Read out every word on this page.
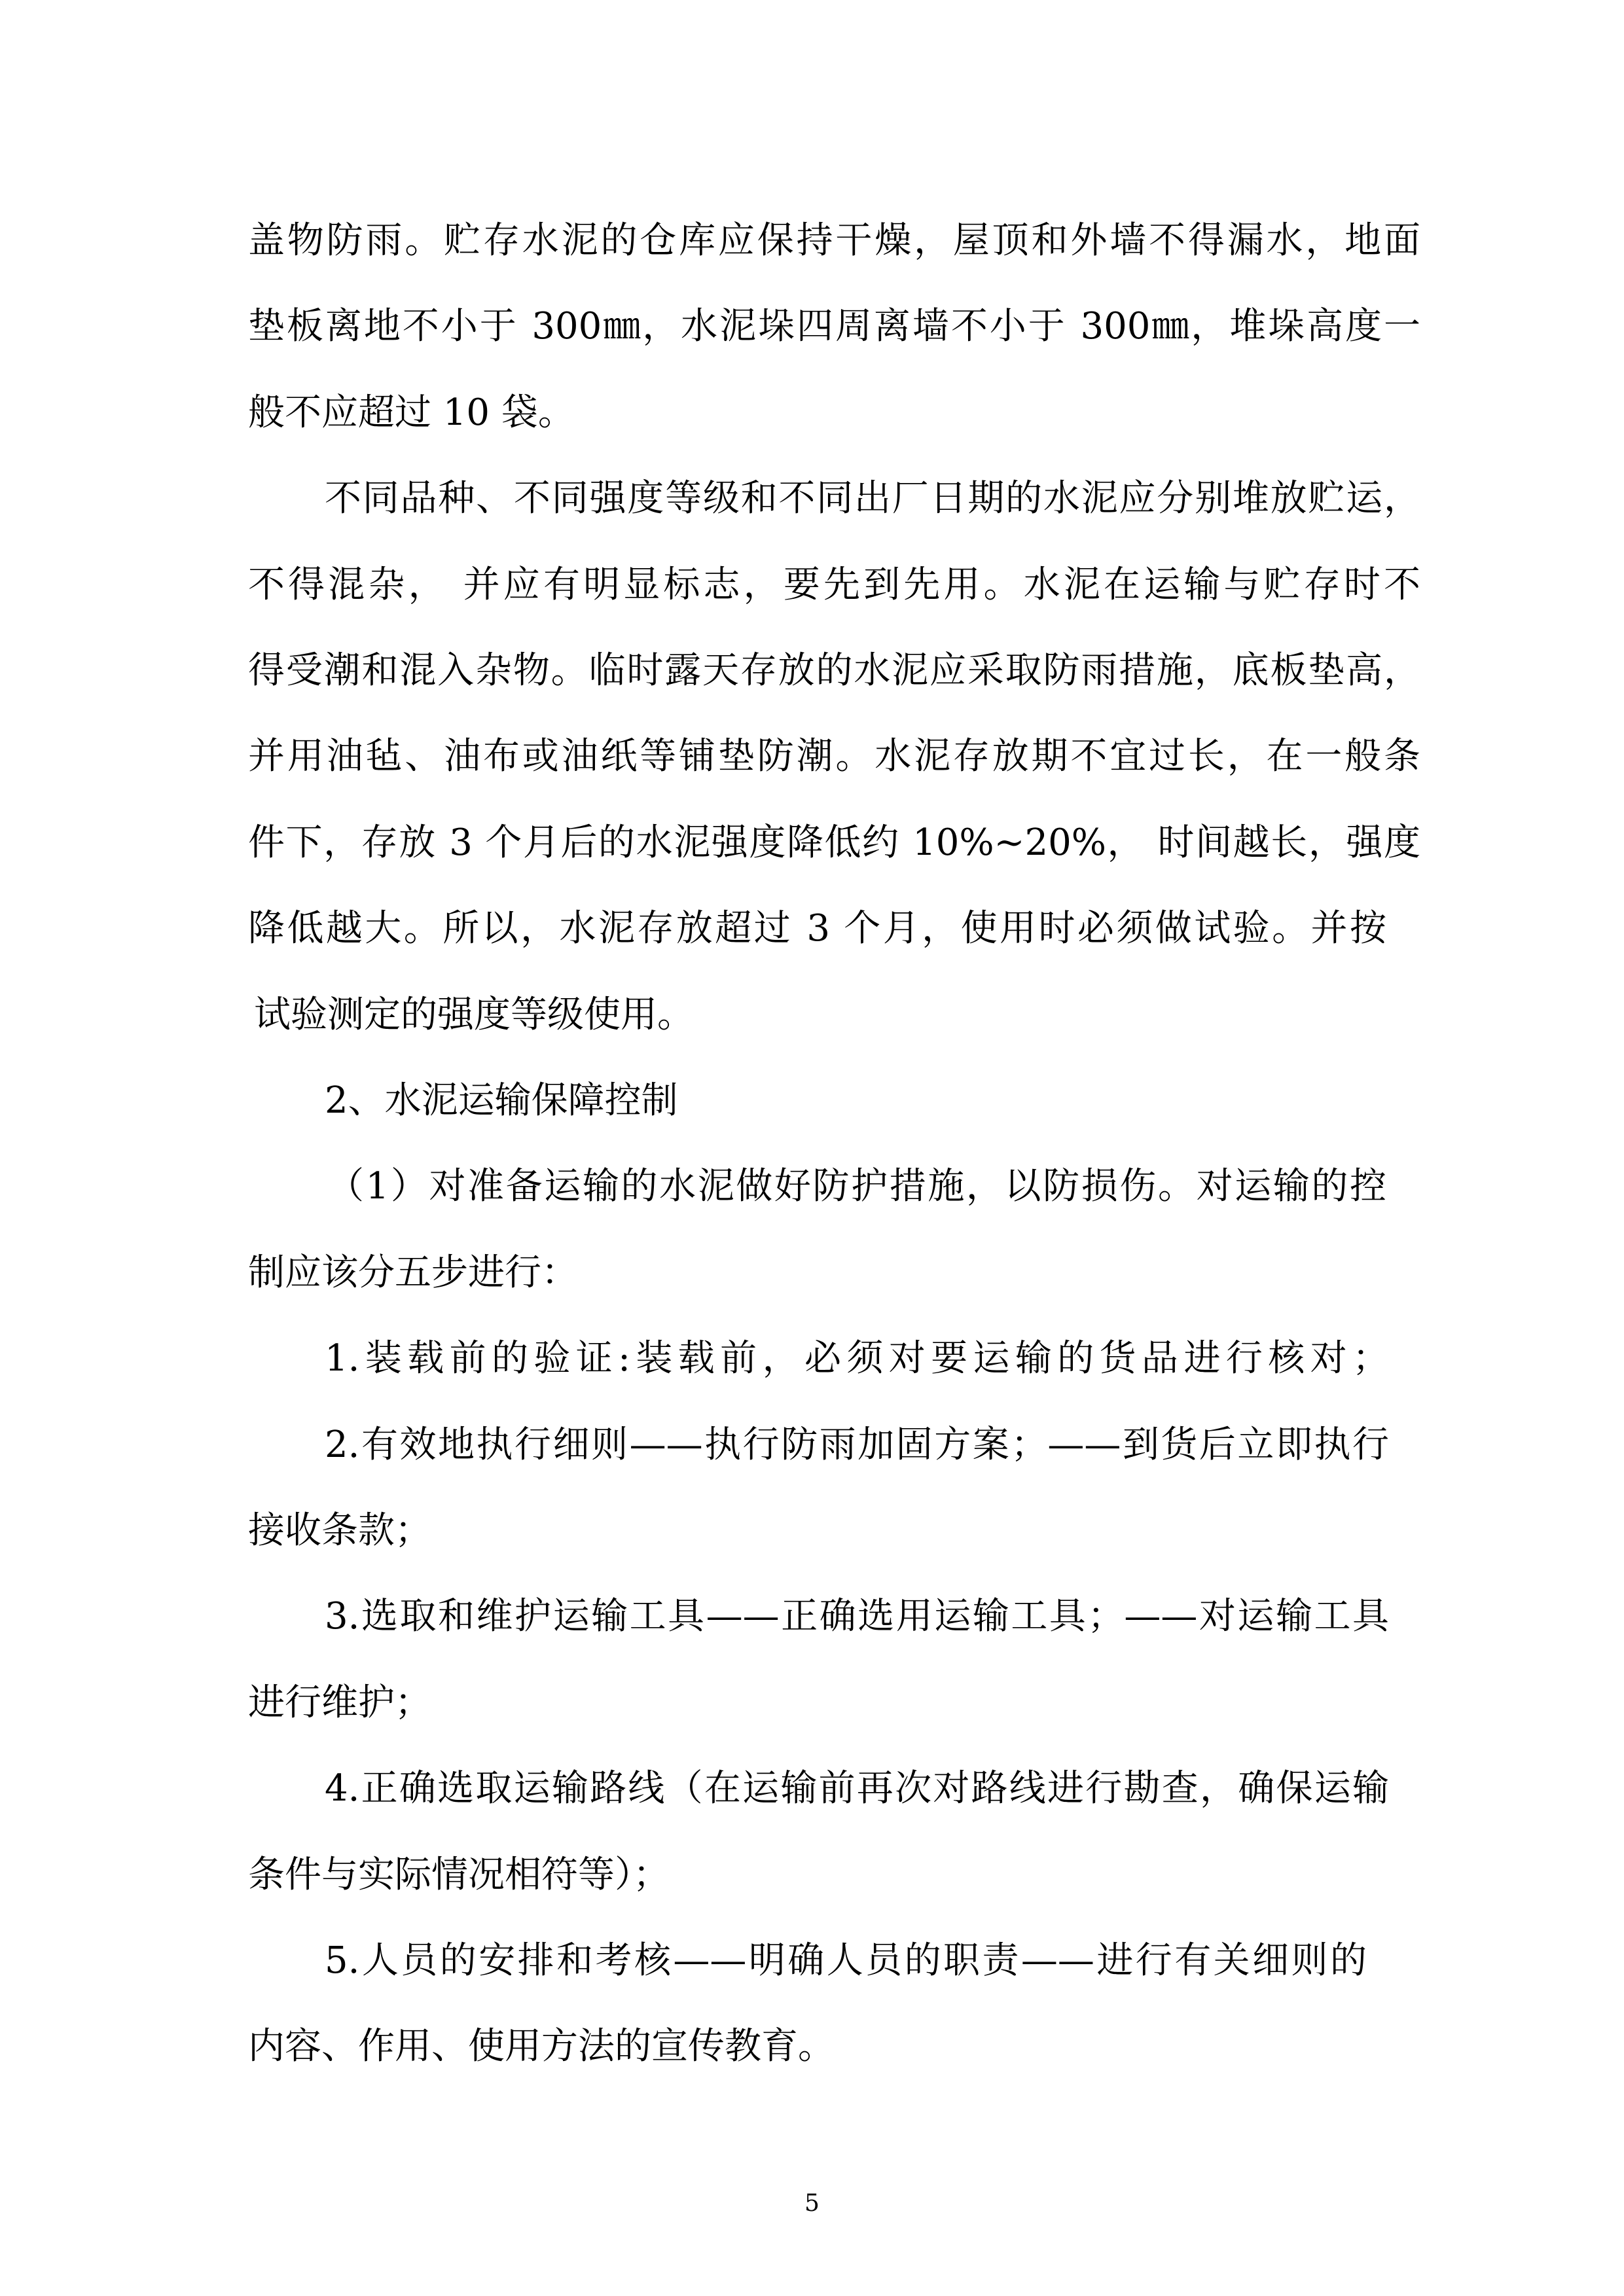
盖物防雨。贮存水泥的仓库应保持干燥，屋顶和外墙不得漏水，地面
垫板离地不小于 300㎜，水泥垛四周离墙不小于 300㎜，堆垛高度一
般不应超过 10 袋。
不同品种、不同强度等级和不同出厂日期的水泥应分别堆放贮运，
不得混杂， 并应有明显标志，要先到先用。水泥在运输与贮存时不
得受潮和混入杂物。临时露天存放的水泥应采取防雨措施，底板垫高，
并用油毡、油布或油纸等铺垫防潮。水泥存放期不宜过长，在一般条
件下，存放 3 个月后的水泥强度降低约 10%~20%， 时间越长，强度
降低越大。所以，水泥存放超过 3 个月，使用时必须做试验。并按
试验测定的强度等级使用。
2、水泥运输保障控制
（1）对准备运输的水泥做好防护措施，以防损伤。对运输的控
制应该分五步进行：
1.装载前的验证:装载前，必须对要运输的货品进行核对；
2.有效地执行细则——执行防雨加固方案；——到货后立即执行
接收条款；
3.选取和维护运输工具——正确选用运输工具；——对运输工具
进行维护；
4.正确选取运输路线（在运输前再次对路线进行勘查，确保运输
条件与实际情况相符等）；
5.人员的安排和考核——明确人员的职责——进行有关细则的
内容、作用、使用方法的宣传教育。
5
